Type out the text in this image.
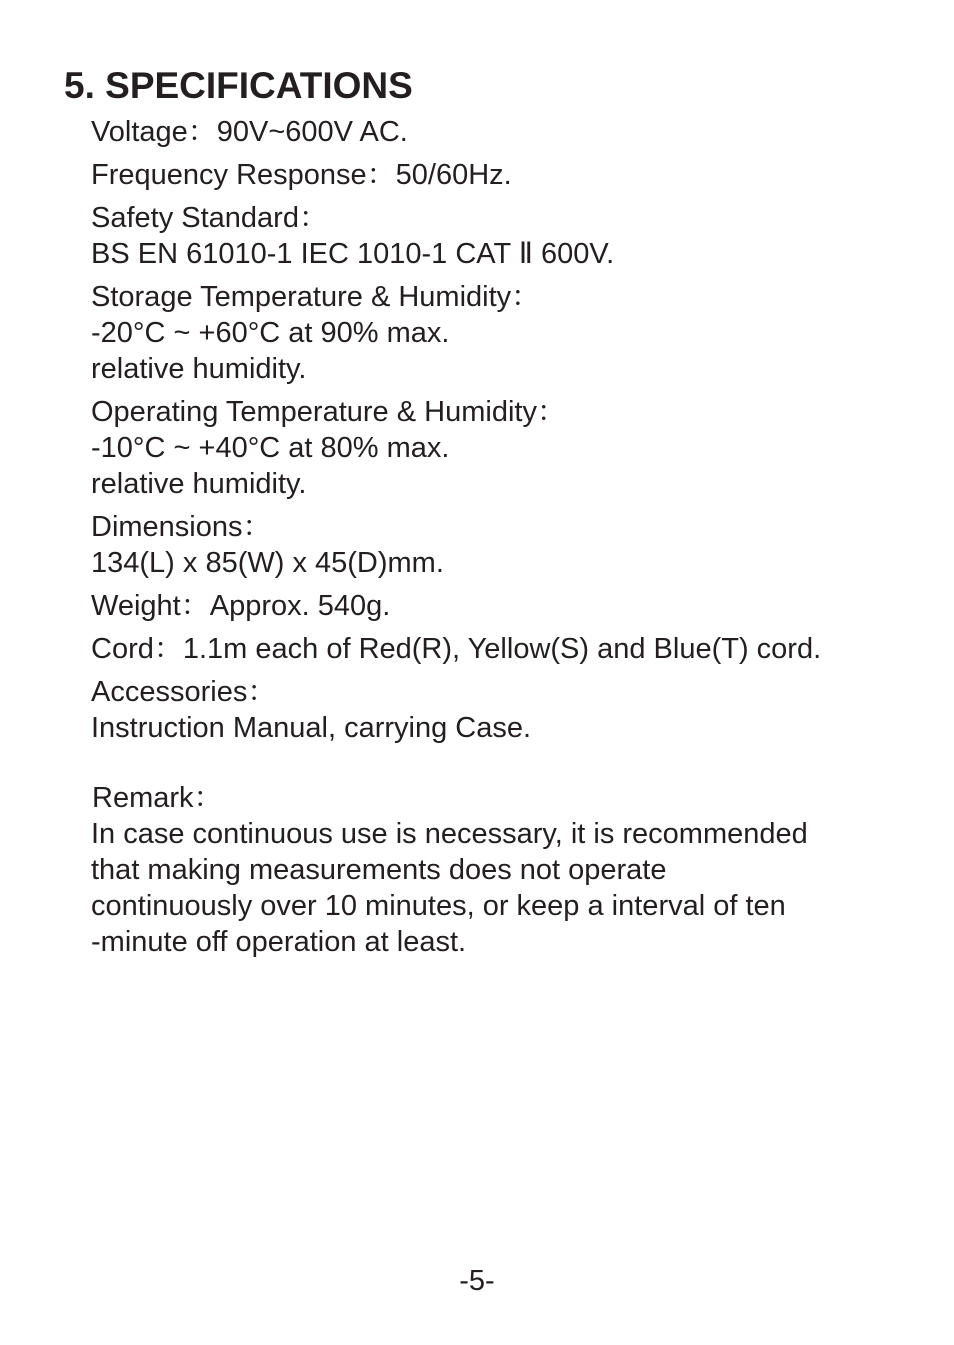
5. SPECIFICATIONS
Voltage：90V~600V AC.
Frequency Response：50/60Hz.
Safety Standard：
BS EN 61010-1 IEC 1010-1 CAT Ⅱ 600V.
Storage Temperature & Humidity：
-20°C ~ +60°C at 90% max.
relative humidity.
Operating Temperature & Humidity：
-10°C ~ +40°C at 80% max.
relative humidity.
Dimensions：
134(L) x 85(W) x 45(D)mm.
Weight：Approx. 540g.
Cord：1.1m each of Red(R), Yellow(S) and Blue(T) cord.
Accessories：
Instruction Manual, carrying Case.
Remark：
In case continuous use is necessary, it is recommended
that making measurements does not operate
continuously over 10 minutes, or keep a interval of ten
-minute off operation at least.
-5-
